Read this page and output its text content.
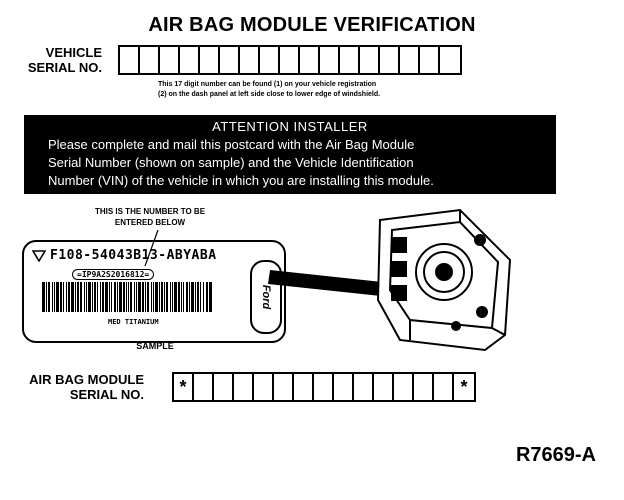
AIR BAG MODULE VERIFICATION
VEHICLE
SERIAL NO.
This 17 digit number can be found (1) on your vehicle registration
(2) on the dash panel at left side close to lower edge of windshield.
ATTENTION INSTALLER
Please complete and mail this postcard with the Air Bag Module
Serial Number (shown on sample) and the Vehicle Identification
Number (VIN) of the vehicle in which you are installing this module.
THIS IS THE NUMBER TO BE
ENTERED BELOW
F108-54043B13-ABYABA
=IP9A2S2016812=
MED TITANIUM
Ford
SAMPLE
AIR BAG MODULE
SERIAL NO.	*	*
R7669-A
